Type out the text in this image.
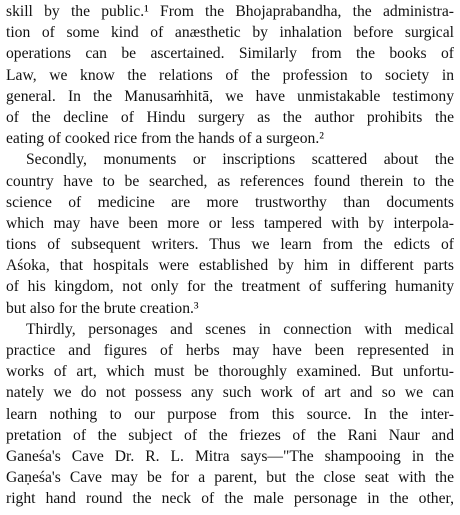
skill by the public.¹ From the Bhojaprabandha, the administra-
tion of some kind of anæsthetic by inhalation before surgical
operations can be ascertained. Similarly from the books of
Law, we know the relations of the profession to society in
general. In the Manusaṁhitā, we have unmistakable testimony
of the decline of Hindu surgery as the author prohibits the
eating of cooked rice from the hands of a surgeon.²
Secondly, monuments or inscriptions scattered about the
country have to be searched, as references found therein to the
science of medicine are more trustworthy than documents
which may have been more or less tampered with by interpola-
tions of subsequent writers. Thus we learn from the edicts of
Aśoka, that hospitals were established by him in different parts
of his kingdom, not only for the treatment of suffering humanity
but also for the brute creation.³
Thirdly, personages and scenes in connection with medical
practice and figures of herbs may have been represented in
works of art, which must be thoroughly examined. But unfortu-
nately we do not possess any such work of art and so we can
learn nothing to our purpose from this source. In the inter-
pretation of the subject of the friezes of the Rani Naur and
Ganeśa's Cave Dr. R. L. Mitra says—"The shampooing in the
Gaṇeśa's Cave may be for a parent, but the close seat with the
right hand round the neck of the male personage in the other,
